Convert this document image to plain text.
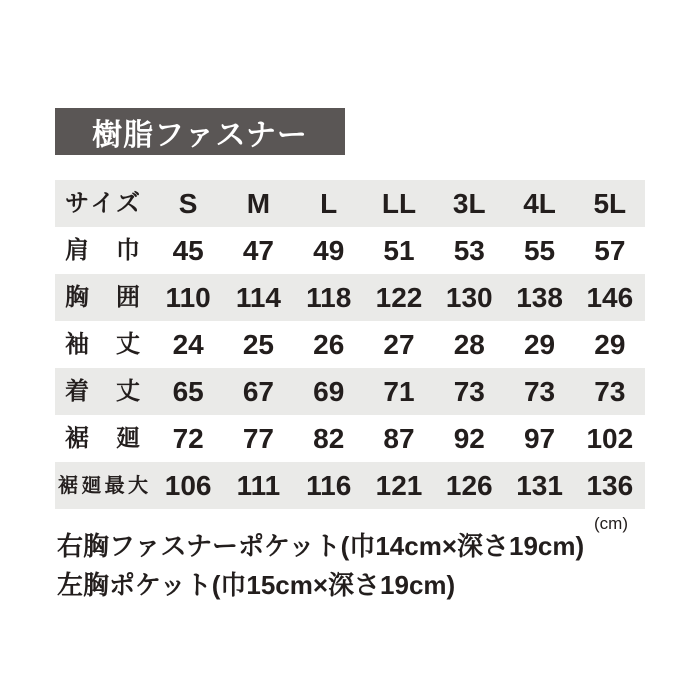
樹脂ファスナー
サ イ ズ	S	M	L	LL	3L	4L	5L
肩 巾	45	47	49	51	53	55	57
胸 囲 110 114 118 122 130 138 146
袖 丈	24	25	26	27	28	29	29
着 丈	65	67	69	71	73	73	73
裾 廻	72	77	82	87	92	97	102
裾 廻 最 大 106 111 116 121 126 131 136
(cm)
右胸ファスナーポケット(巾14cm×深さ19cm)
左胸ポケット(巾15cm×深さ19cm)
